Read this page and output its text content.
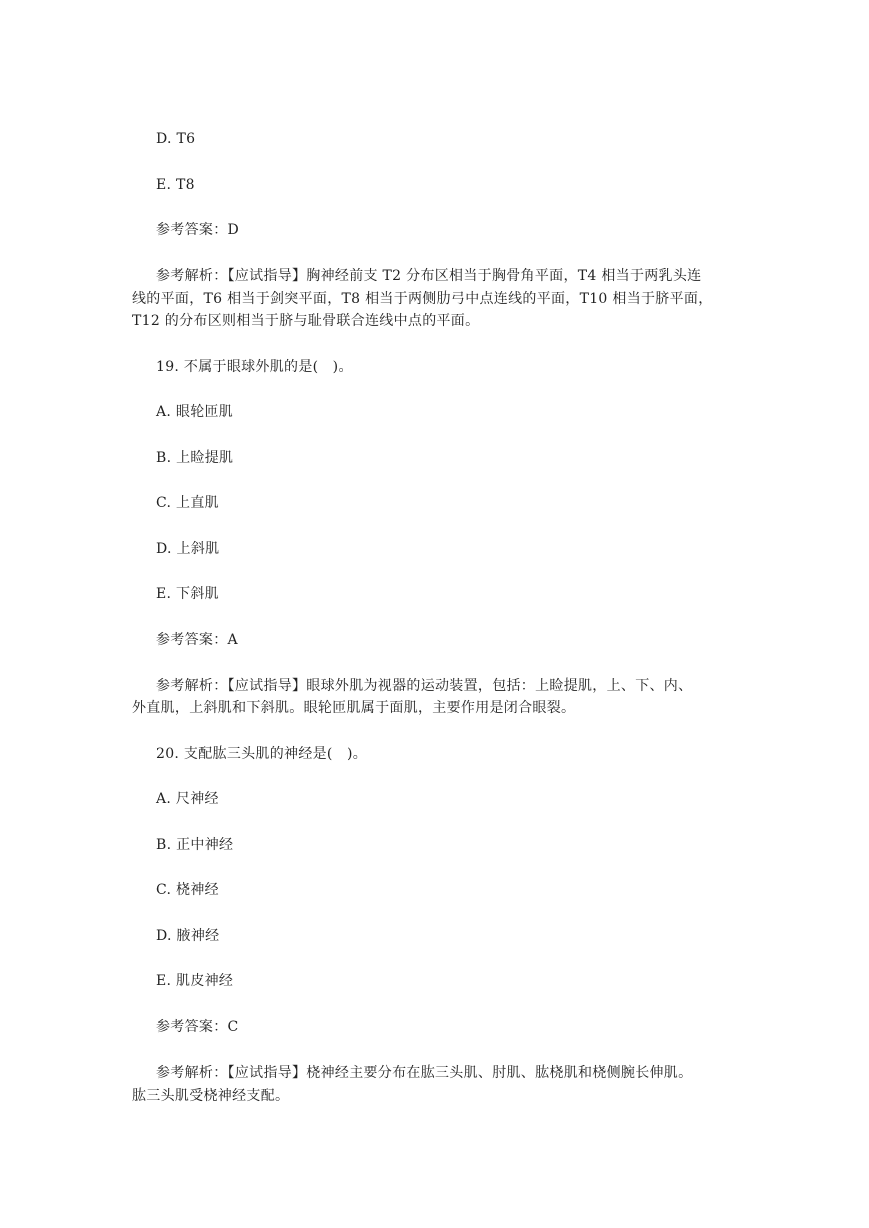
D. T6
E. T8
参考答案：D
参考解析：【应试指导】胸神经前支 T2 分布区相当于胸骨角平面，T4 相当于两乳头连
线的平面，T6 相当于剑突平面，T8 相当于两侧肋弓中点连线的平面，T10 相当于脐平面，
T12 的分布区则相当于脐与耻骨联合连线中点的平面。
19. 不属于眼球外肌的是(　)。
A. 眼轮匝肌
B. 上睑提肌
C. 上直肌
D. 上斜肌
E. 下斜肌
参考答案：A
参考解析：【应试指导】眼球外肌为视器的运动装置，包括：上睑提肌，上、下、内、
外直肌，上斜肌和下斜肌。眼轮匝肌属于面肌，主要作用是闭合眼裂。
20. 支配肱三头肌的神经是(　)。
A. 尺神经
B. 正中神经
C. 桡神经
D. 腋神经
E. 肌皮神经
参考答案：C
参考解析：【应试指导】桡神经主要分布在肱三头肌、肘肌、肱桡肌和桡侧腕长伸肌。
肱三头肌受桡神经支配。
